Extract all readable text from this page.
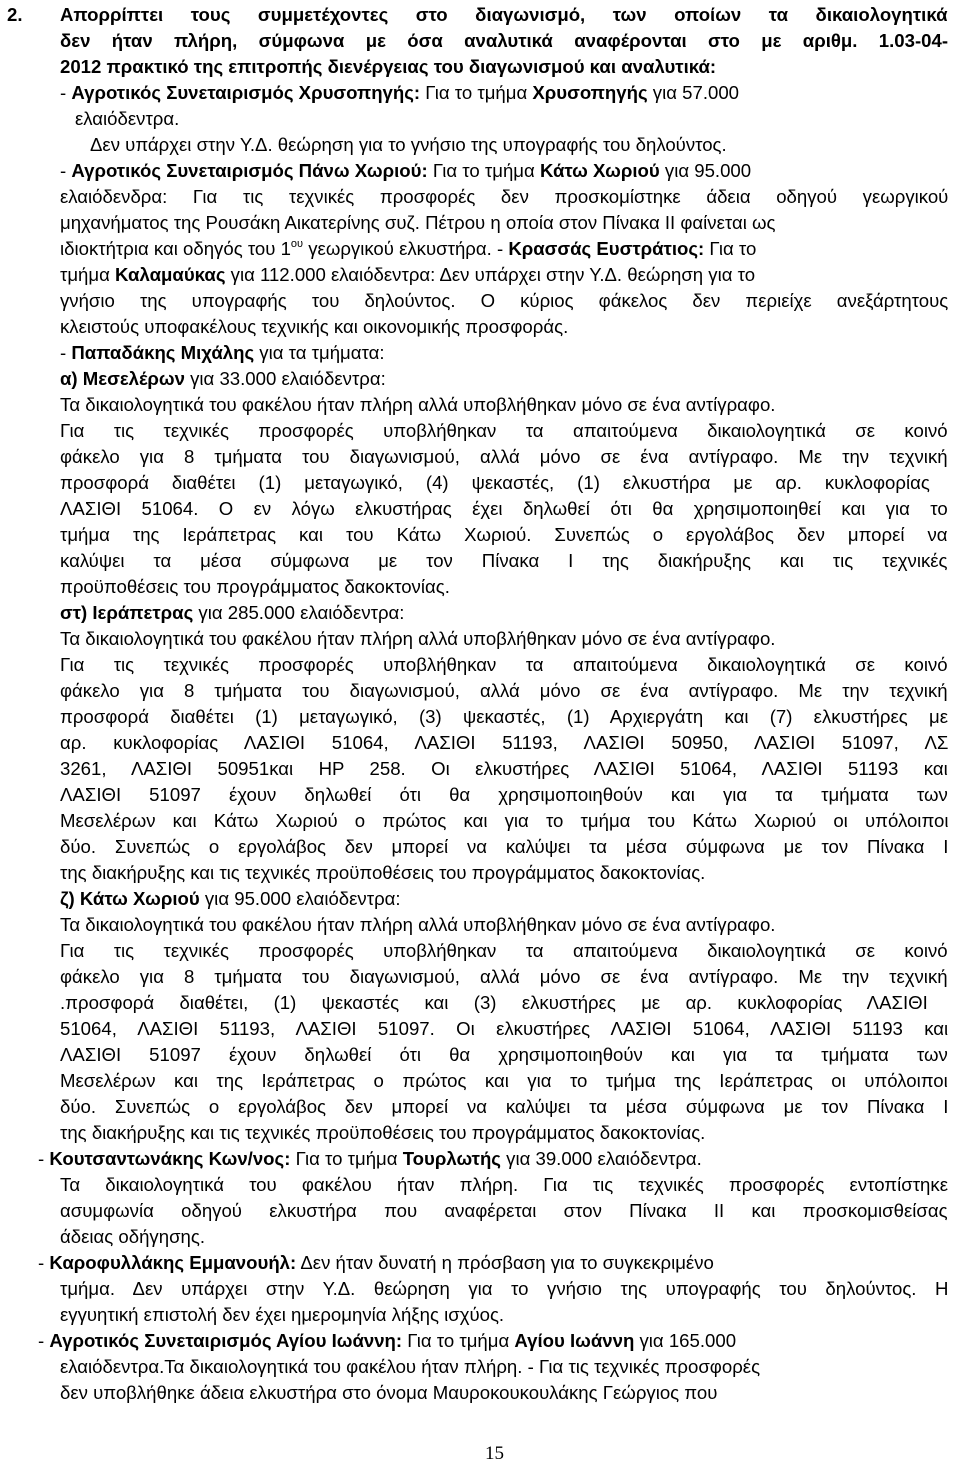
2. Απορρίπτει τους συμμετέχοντες στο διαγωνισμό, των οποίων τα δικαιολογητικά
δεν ήταν πλήρη, σύμφωνα με όσα αναλυτικά αναφέρονται στο με αριθμ. 1.03-04-
2012 πρακτικό της επιτροπής διενέργειας του διαγωνισμού και αναλυτικά:
- Αγροτικός Συνεταιρισμός Χρυσοπηγής: Για το τμήμα Χρυσοπηγής για 57.000
ελαιόδεντρα.
Δεν υπάρχει στην Υ.Δ. θεώρηση για το γνήσιο της υπογραφής του δηλούντος.
- Αγροτικός Συνεταιρισμός Πάνω Χωριού: Για το τμήμα Κάτω Χωριού για 95.000
ελαιόδενδρα: Για τις τεχνικές προσφορές δεν προσκομίστηκε άδεια οδηγού γεωργικού
μηχανήματος της Ρουσάκη Αικατερίνης συζ. Πέτρου η οποία στον Πίνακα ΙΙ φαίνεται ως
ιδιοκτήτρια και οδηγός του $1^{o\upsilon}$ γεωργικού ελκυστήρα. - Κρασσάς Ευστράτιος: Για το
τμήμα Καλαμαύκας για 112.000 ελαιόδεντρα: Δεν υπάρχει στην Υ.Δ. θεώρηση για το
γνήσιο της υπογραφής του δηλούντος. Ο κύριος φάκελος δεν περιείχε ανεξάρτητους
κλειστούς υποφακέλους τεχνικής και οικονομικής προσφοράς.
- Παπαδάκης Μιχάλης για τα τμήματα:
α) Μεσελέρων για 33.000 ελαιόδεντρα:
Τα δικαιολογητικά του φακέλου ήταν πλήρη αλλά υποβλήθηκαν μόνο σε ένα αντίγραφο.
Για τις τεχνικές προσφορές υποβλήθηκαν τα απαιτούμενα δικαιολογητικά σε κοινό
φάκελο για 8 τμήματα του διαγωνισμού, αλλά μόνο σε ένα αντίγραφο. Με την τεχνική
προσφορά διαθέτει (1) μεταγωγικό, (4) ψεκαστές, (1) ελκυστήρα με αρ. κυκλοφορίας
ΛΑΣΙΘΙ 51064. Ο εν λόγω ελκυστήρας έχει δηλωθεί ότι θα χρησιμοποιηθεί και για το
τμήμα της Ιεράπετρας και του Κάτω Χωριού. Συνεπώς ο εργολάβος δεν μπορεί να
καλύψει τα μέσα σύμφωνα με τον Πίνακα Ι της διακήρυξης και τις τεχνικές
προϋποθέσεις του προγράμματος δακοκτονίας.
στ) Ιεράπετρας για 285.000 ελαιόδεντρα:
Τα δικαιολογητικά του φακέλου ήταν πλήρη αλλά υποβλήθηκαν μόνο σε ένα αντίγραφο.
Για τις τεχνικές προσφορές υποβλήθηκαν τα απαιτούμενα δικαιολογητικά σε κοινό
φάκελο για 8 τμήματα του διαγωνισμού, αλλά μόνο σε ένα αντίγραφο. Με την τεχνική
προσφορά διαθέτει (1) μεταγωγικό, (3) ψεκαστές, (1) Αρχιεργάτη και (7) ελκυστήρες με
αρ. κυκλοφορίας ΛΑΣΙΘΙ 51064, ΛΑΣΙΘΙ 51193, ΛΑΣΙΘΙ 50950, ΛΑΣΙΘΙ 51097, ΛΣ
3261, ΛΑΣΙΘΙ 50951και ΗΡ 258. Οι ελκυστήρες ΛΑΣΙΘΙ 51064, ΛΑΣΙΘΙ 51193 και
ΛΑΣΙΘΙ 51097 έχουν δηλωθεί ότι θα χρησιμοποιηθούν και για τα τμήματα των
Μεσελέρων και Κάτω Χωριού ο πρώτος και για το τμήμα του Κάτω Χωριού οι υπόλοιποι
δύο. Συνεπώς ο εργολάβος δεν μπορεί να καλύψει τα μέσα σύμφωνα με τον Πίνακα Ι
της διακήρυξης και τις τεχνικές προϋποθέσεις του προγράμματος δακοκτονίας.
ζ) Κάτω Χωριού για 95.000 ελαιόδεντρα:
Τα δικαιολογητικά του φακέλου ήταν πλήρη αλλά υποβλήθηκαν μόνο σε ένα αντίγραφο.
Για τις τεχνικές προσφορές υποβλήθηκαν τα απαιτούμενα δικαιολογητικά σε κοινό
φάκελο για 8 τμήματα του διαγωνισμού, αλλά μόνο σε ένα αντίγραφο. Με την τεχνική
.προσφορά διαθέτει, (1) ψεκαστές και (3) ελκυστήρες με αρ. κυκλοφορίας ΛΑΣΙΘΙ
51064, ΛΑΣΙΘΙ 51193, ΛΑΣΙΘΙ 51097. Οι ελκυστήρες ΛΑΣΙΘΙ 51064, ΛΑΣΙΘΙ 51193 και
ΛΑΣΙΘΙ 51097 έχουν δηλωθεί ότι θα χρησιμοποιηθούν και για τα τμήματα των
Μεσελέρων και της Ιεράπετρας ο πρώτος και για το τμήμα της Ιεράπετρας οι υπόλοιποι
δύο. Συνεπώς ο εργολάβος δεν μπορεί να καλύψει τα μέσα σύμφωνα με τον Πίνακα Ι
της διακήρυξης και τις τεχνικές προϋποθέσεις του προγράμματος δακοκτονίας.
- Κουτσαντωνάκης Κων/νος: Για το τμήμα Τουρλωτής για 39.000 ελαιόδεντρα.
Τα δικαιολογητικά του φακέλου ήταν πλήρη. Για τις τεχνικές προσφορές εντοπίστηκε
ασυμφωνία οδηγού ελκυστήρα που αναφέρεται στον Πίνακα ΙΙ και προσκομισθείσας
άδειας οδήγησης.
- Καροφυλλάκης Εμμανουήλ: Δεν ήταν δυνατή η πρόσβαση για το συγκεκριμένο
τμήμα. Δεν υπάρχει στην Υ.Δ. θεώρηση για το γνήσιο της υπογραφής του δηλούντος. Η
εγγυητική επιστολή δεν έχει ημερομηνία λήξης ισχύος.
- Αγροτικός Συνεταιρισμός Αγίου Ιωάννη: Για το τμήμα Αγίου Ιωάννη για 165.000
ελαιόδεντρα.Τα δικαιολογητικά του φακέλου ήταν πλήρη. - Για τις τεχνικές προσφορές
δεν υποβλήθηκε άδεια ελκυστήρα στο όνομα Μαυροκουκουλάκης Γεώργιος που
15
